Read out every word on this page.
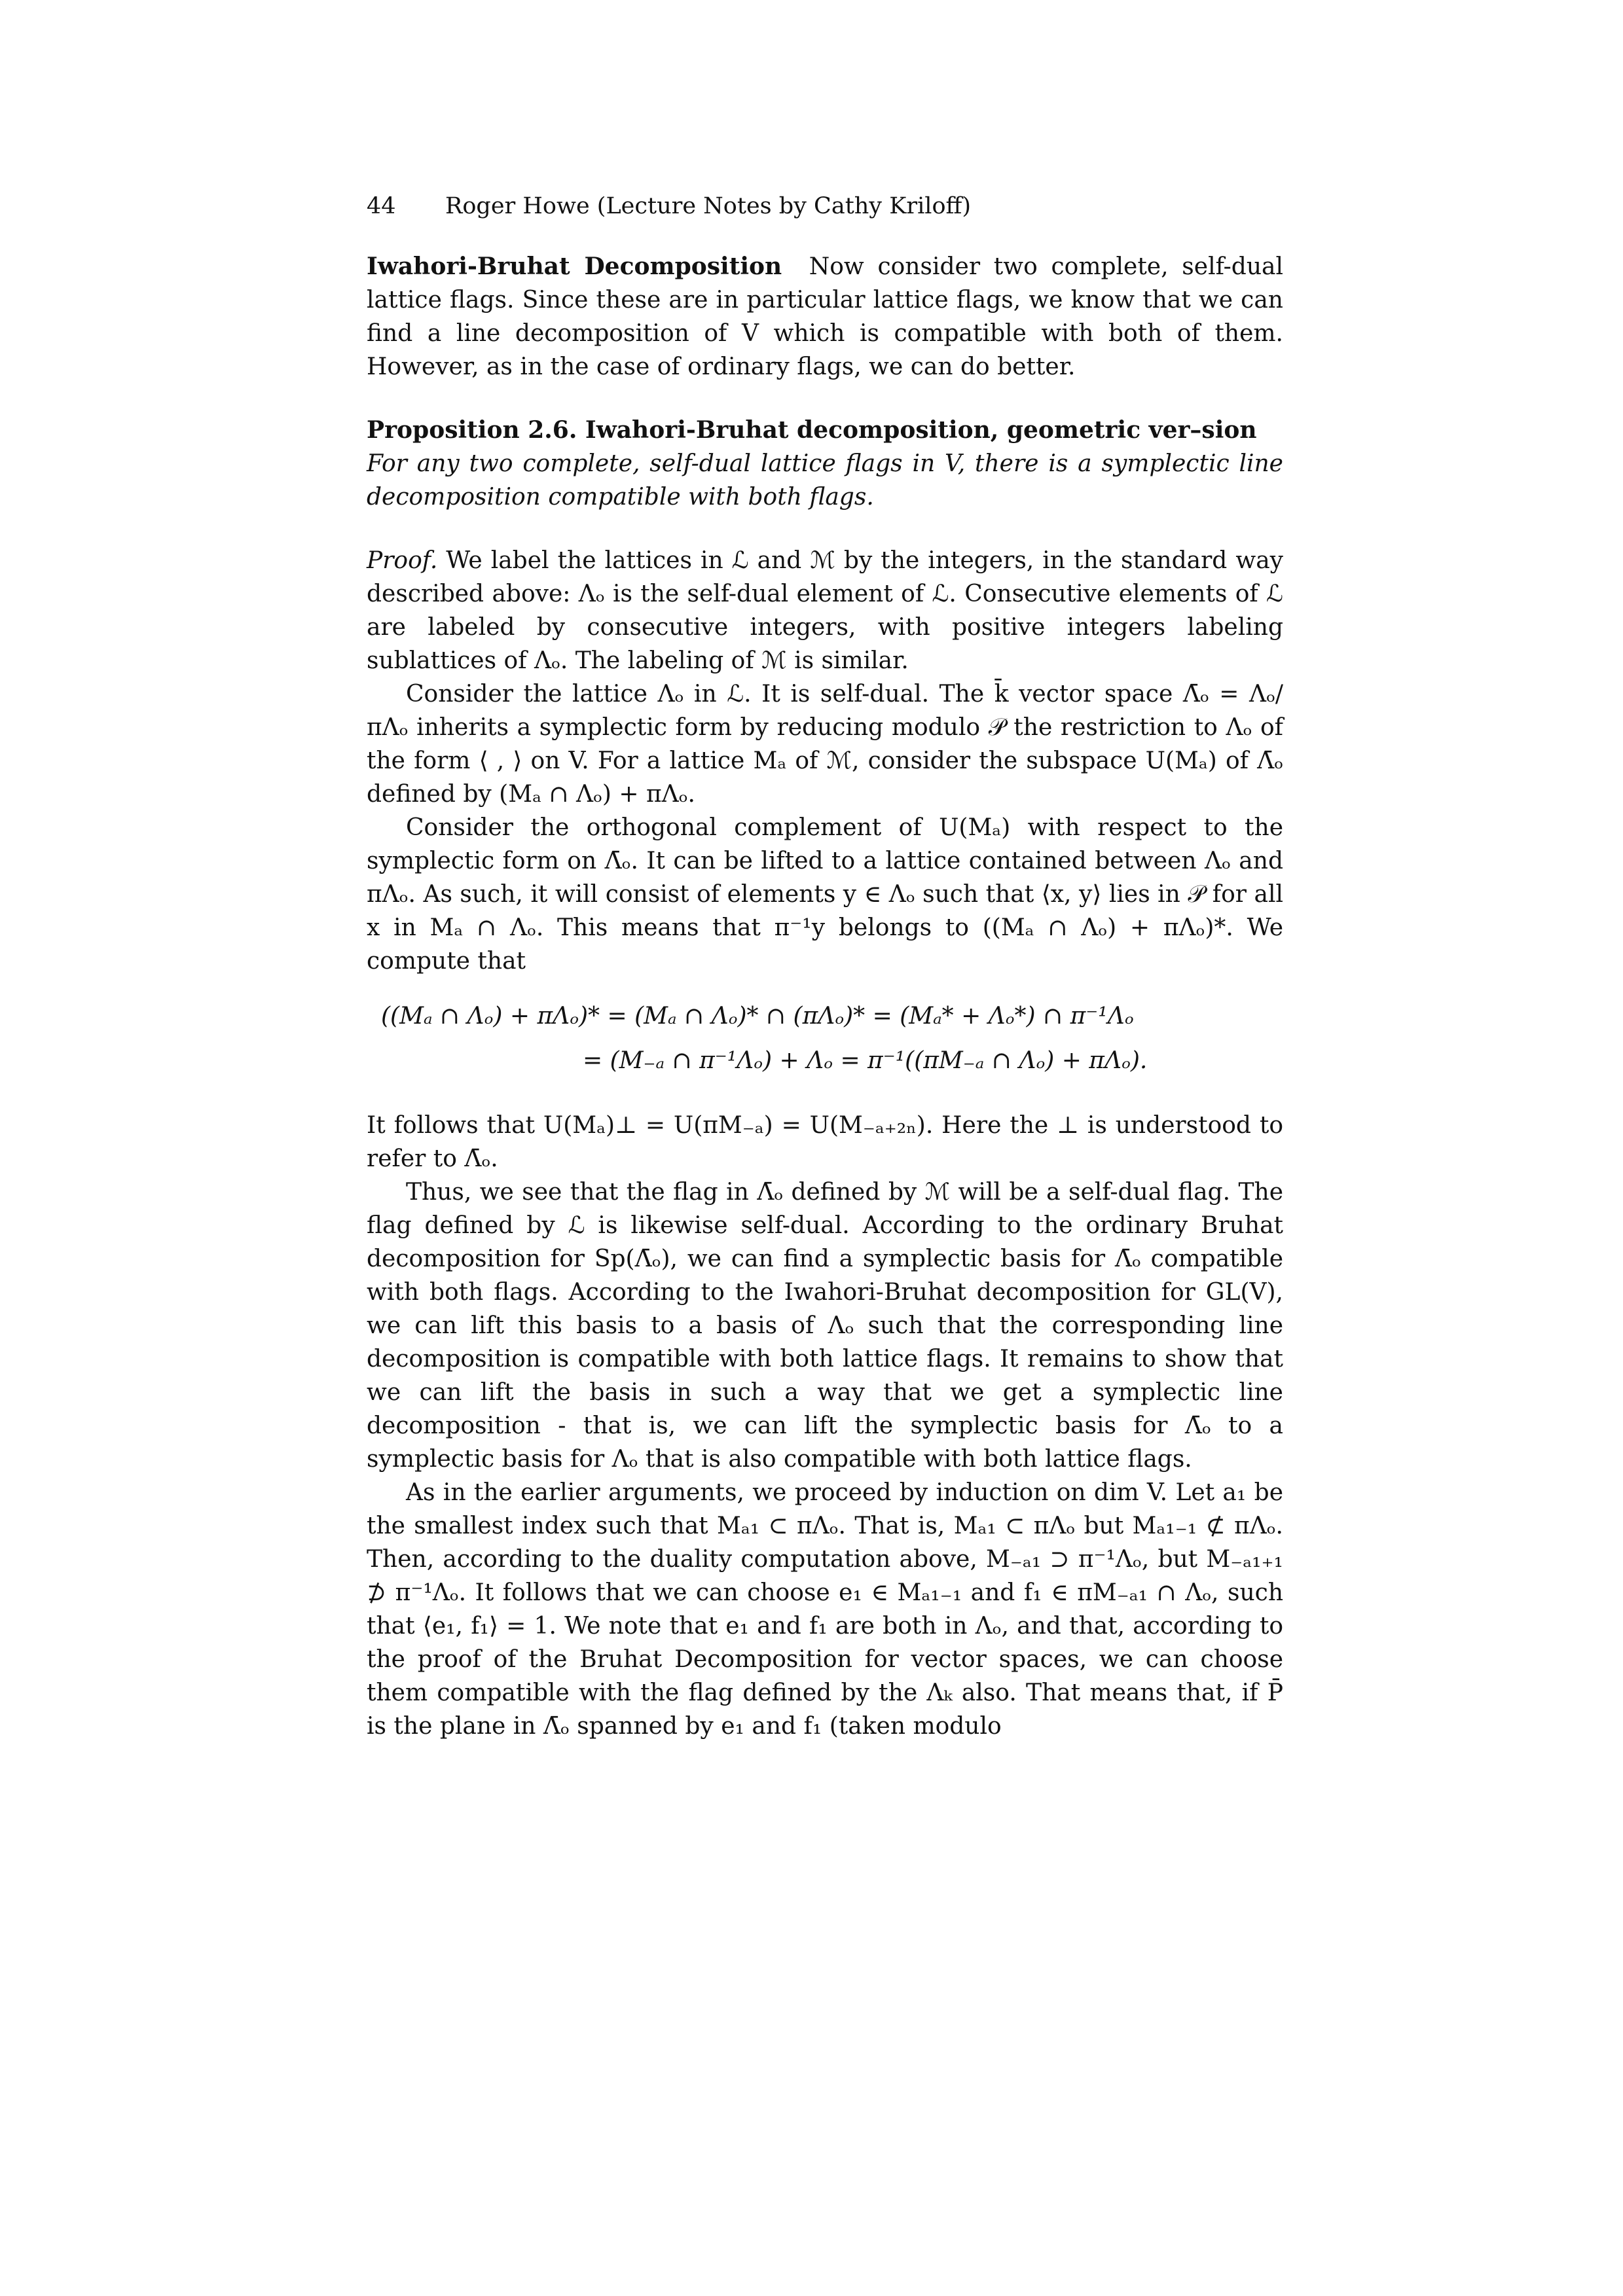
44 Roger Howe (Lecture Notes by Cathy Kriloff)

Iwahori-Bruhat Decomposition Now consider two complete, self-dual lattice flags. Since these are in particular lattice flags, we know that we can find a line decomposition of V which is compatible with both of them. However, as in the case of ordinary flags, we can do better.

Proposition 2.6. Iwahori-Bruhat decomposition, geometric ver–sion

For any two complete, self-dual lattice flags in V, there is a symplectic line decomposition compatible with both flags.

Proof. We label the lattices in ℒ and ℳ by the integers, in the standard way described above: Λₒ is the self-dual element of ℒ. Consecutive elements of ℒ are labeled by consecutive integers, with positive integers labeling sublattices of Λₒ. The labeling of ℳ is similar.

Consider the lattice Λₒ in ℒ. It is self-dual. The k̄ vector space Λ̄ₒ = Λₒ/πΛₒ inherits a symplectic form by reducing modulo 𝒫 the restriction to Λₒ of the form ⟨ , ⟩ on V. For a lattice Mₐ of ℳ, consider the subspace U(Mₐ) of Λ̄ₒ defined by (Mₐ ∩ Λₒ) + πΛₒ.

Consider the orthogonal complement of U(Mₐ) with respect to the symplectic form on Λ̄ₒ. It can be lifted to a lattice contained between Λₒ and πΛₒ. As such, it will consist of elements y ∈ Λₒ such that ⟨x, y⟩ lies in 𝒫 for all x in Mₐ ∩ Λₒ. This means that π⁻¹y belongs to ((Mₐ ∩ Λₒ) + πΛₒ)*. We compute that

((Mₐ ∩ Λₒ) + πΛₒ)* = (Mₐ ∩ Λₒ)* ∩ (πΛₒ)* = (Mₐ* + Λₒ*) ∩ π⁻¹Λₒ
= (M₋ₐ ∩ π⁻¹Λₒ) + Λₒ = π⁻¹((πM₋ₐ ∩ Λₒ) + πΛₒ).

It follows that U(Mₐ)⊥ = U(πM₋ₐ) = U(M₋ₐ₊₂ₙ). Here the ⊥ is understood to refer to Λ̄ₒ.

Thus, we see that the flag in Λ̄ₒ defined by ℳ will be a self-dual flag. The flag defined by ℒ is likewise self-dual. According to the ordinary Bruhat decomposition for Sp(Λ̄ₒ), we can find a symplectic basis for Λ̄ₒ compatible with both flags. According to the Iwahori-Bruhat decomposition for GL(V), we can lift this basis to a basis of Λₒ such that the corresponding line decomposition is compatible with both lattice flags. It remains to show that we can lift the basis in such a way that we get a symplectic line decomposition - that is, we can lift the symplectic basis for Λ̄ₒ to a symplectic basis for Λₒ that is also compatible with both lattice flags.

As in the earlier arguments, we proceed by induction on dim V. Let a₁ be the smallest index such that Mₐ₁ ⊂ πΛₒ. That is, Mₐ₁ ⊂ πΛₒ but Mₐ₁₋₁ ⊄ πΛₒ. Then, according to the duality computation above, M₋ₐ₁ ⊃ π⁻¹Λₒ, but M₋ₐ₁₊₁ ⊅ π⁻¹Λₒ. It follows that we can choose e₁ ∈ Mₐ₁₋₁ and f₁ ∈ πM₋ₐ₁ ∩ Λₒ, such that ⟨e₁, f₁⟩ = 1. We note that e₁ and f₁ are both in Λₒ, and that, according to the proof of the Bruhat Decomposition for vector spaces, we can choose them compatible with the flag defined by the Λₖ also. That means that, if P̄ is the plane in Λ̄ₒ spanned by e₁ and f₁ (taken modulo
